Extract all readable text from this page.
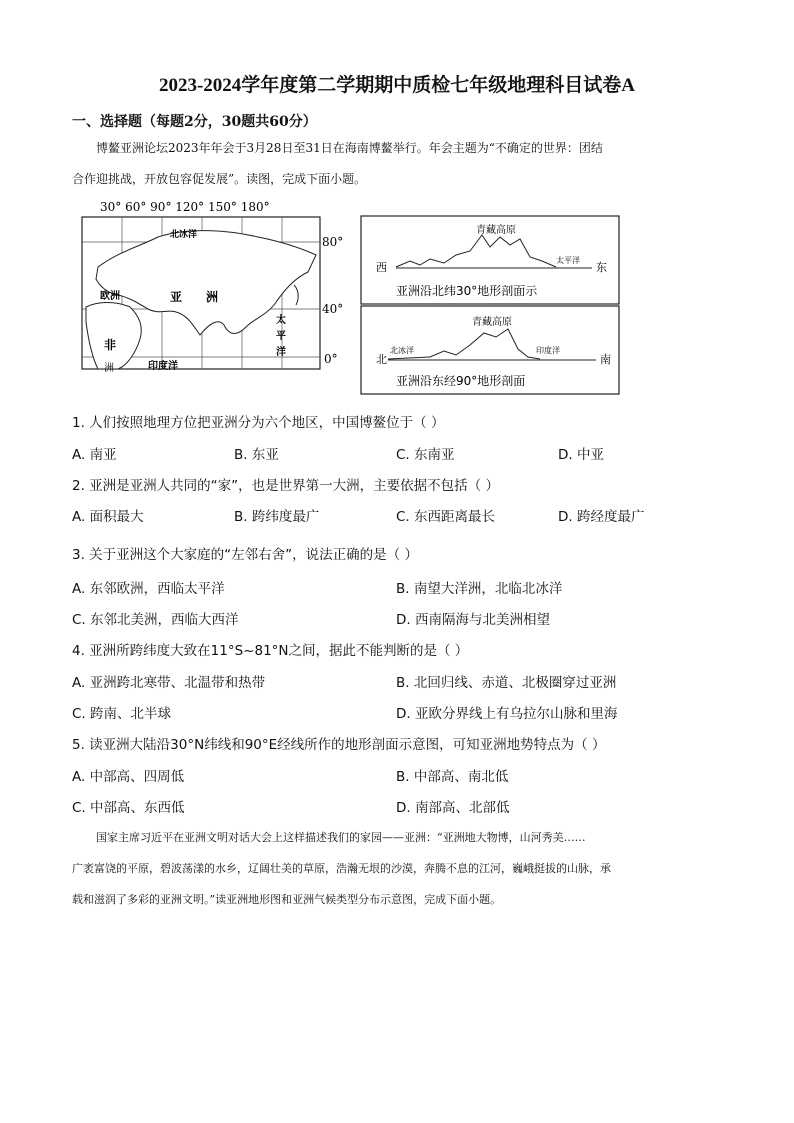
2023-2024学年度第二学期期中质检七年级地理科目试卷A
一、选择题（每题2分，30题共60分）
博鳌亚洲论坛2023年年会于3月28日至31日在海南博鳌举行。年会主题为“不确定的世界：团结
合作迎挑战，开放包容促发展”。读图，完成下面小题。
30° 60° 90° 120° 150° 180°
80°
40°
0°
北冰洋
欧洲	亚 洲
非
洲
太
平
洋
印度洋
青藏高原
西	东
太平洋
亚洲沿北纬30°地形剖面示
青藏高原
北	南
北冰洋	印度洋
亚洲沿东经90°地形剖面
1. 人们按照地理方位把亚洲分为六个地区，中国博鳌位于（ ）
A. 南亚	B. 东亚	C. 东南亚	D. 中亚
2. 亚洲是亚洲人共同的“家”，也是世界第一大洲，主要依据不包括（ ）
A. 面积最大	B. 跨纬度最广	C. 东西距离最长	D. 跨经度最广
3. 关于亚洲这个大家庭的“左邻右舍”，说法正确的是（ ）
A. 东邻欧洲，西临太平洋	B. 南望大洋洲，北临北冰洋
C. 东邻北美洲，西临大西洋	D. 西南隔海与北美洲相望
4. 亚洲所跨纬度大致在11°S~81°N之间，据此不能判断的是（ ）
A. 亚洲跨北寒带、北温带和热带	B. 北回归线、赤道、北极圈穿过亚洲
C. 跨南、北半球	D. 亚欧分界线上有乌拉尔山脉和里海
5. 读亚洲大陆沿30°N纬线和90°E经线所作的地形剖面示意图，可知亚洲地势特点为（ ）
A. 中部高、四周低	B. 中部高、南北低
C. 中部高、东西低	D. 南部高、北部低
国家主席习近平在亚洲文明对话大会上这样描述我们的家园——亚洲：“亚洲地大物博，山河秀美……
广袤富饶的平原，碧波荡漾的水乡，辽阔壮美的草原，浩瀚无垠的沙漠，奔腾不息的江河，巍峨挺拔的山脉，承
载和滋润了多彩的亚洲文明。”读亚洲地形图和亚洲气候类型分布示意图，完成下面小题。
